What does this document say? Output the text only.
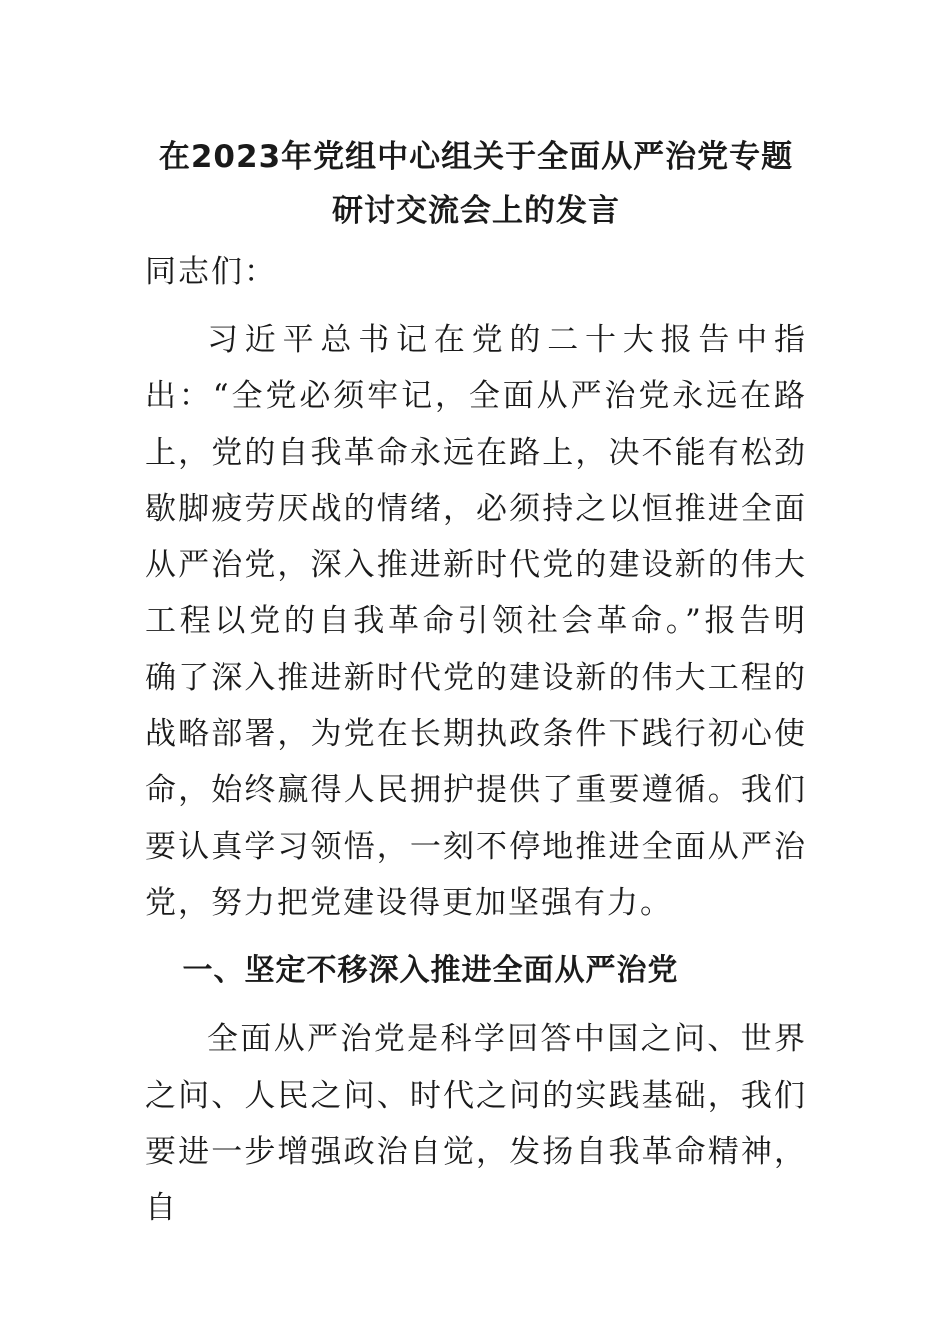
在2023年党组中心组关于全面从严治党专题研讨交流会上的发言

同志们：

习近平总书记在党的二十大报告中指出：“全党必须牢记，全面从严治党永远在路上，党的自我革命永远在路上，决不能有松劲歇脚疲劳厌战的情绪，必须持之以恒推进全面从严治党，深入推进新时代党的建设新的伟大工程以党的自我革命引领社会革命。”报告明确了深入推进新时代党的建设新的伟大工程的战略部署，为党在长期执政条件下践行初心使命，始终赢得人民拥护提供了重要遵循。我们要认真学习领悟，一刻不停地推进全面从严治党，努力把党建设得更加坚强有力。

一、坚定不移深入推进全面从严治党

全面从严治党是科学回答中国之问、世界之问、人民之问、时代之问的实践基础，我们要进一步增强政治自觉，发扬自我革命精神，自
